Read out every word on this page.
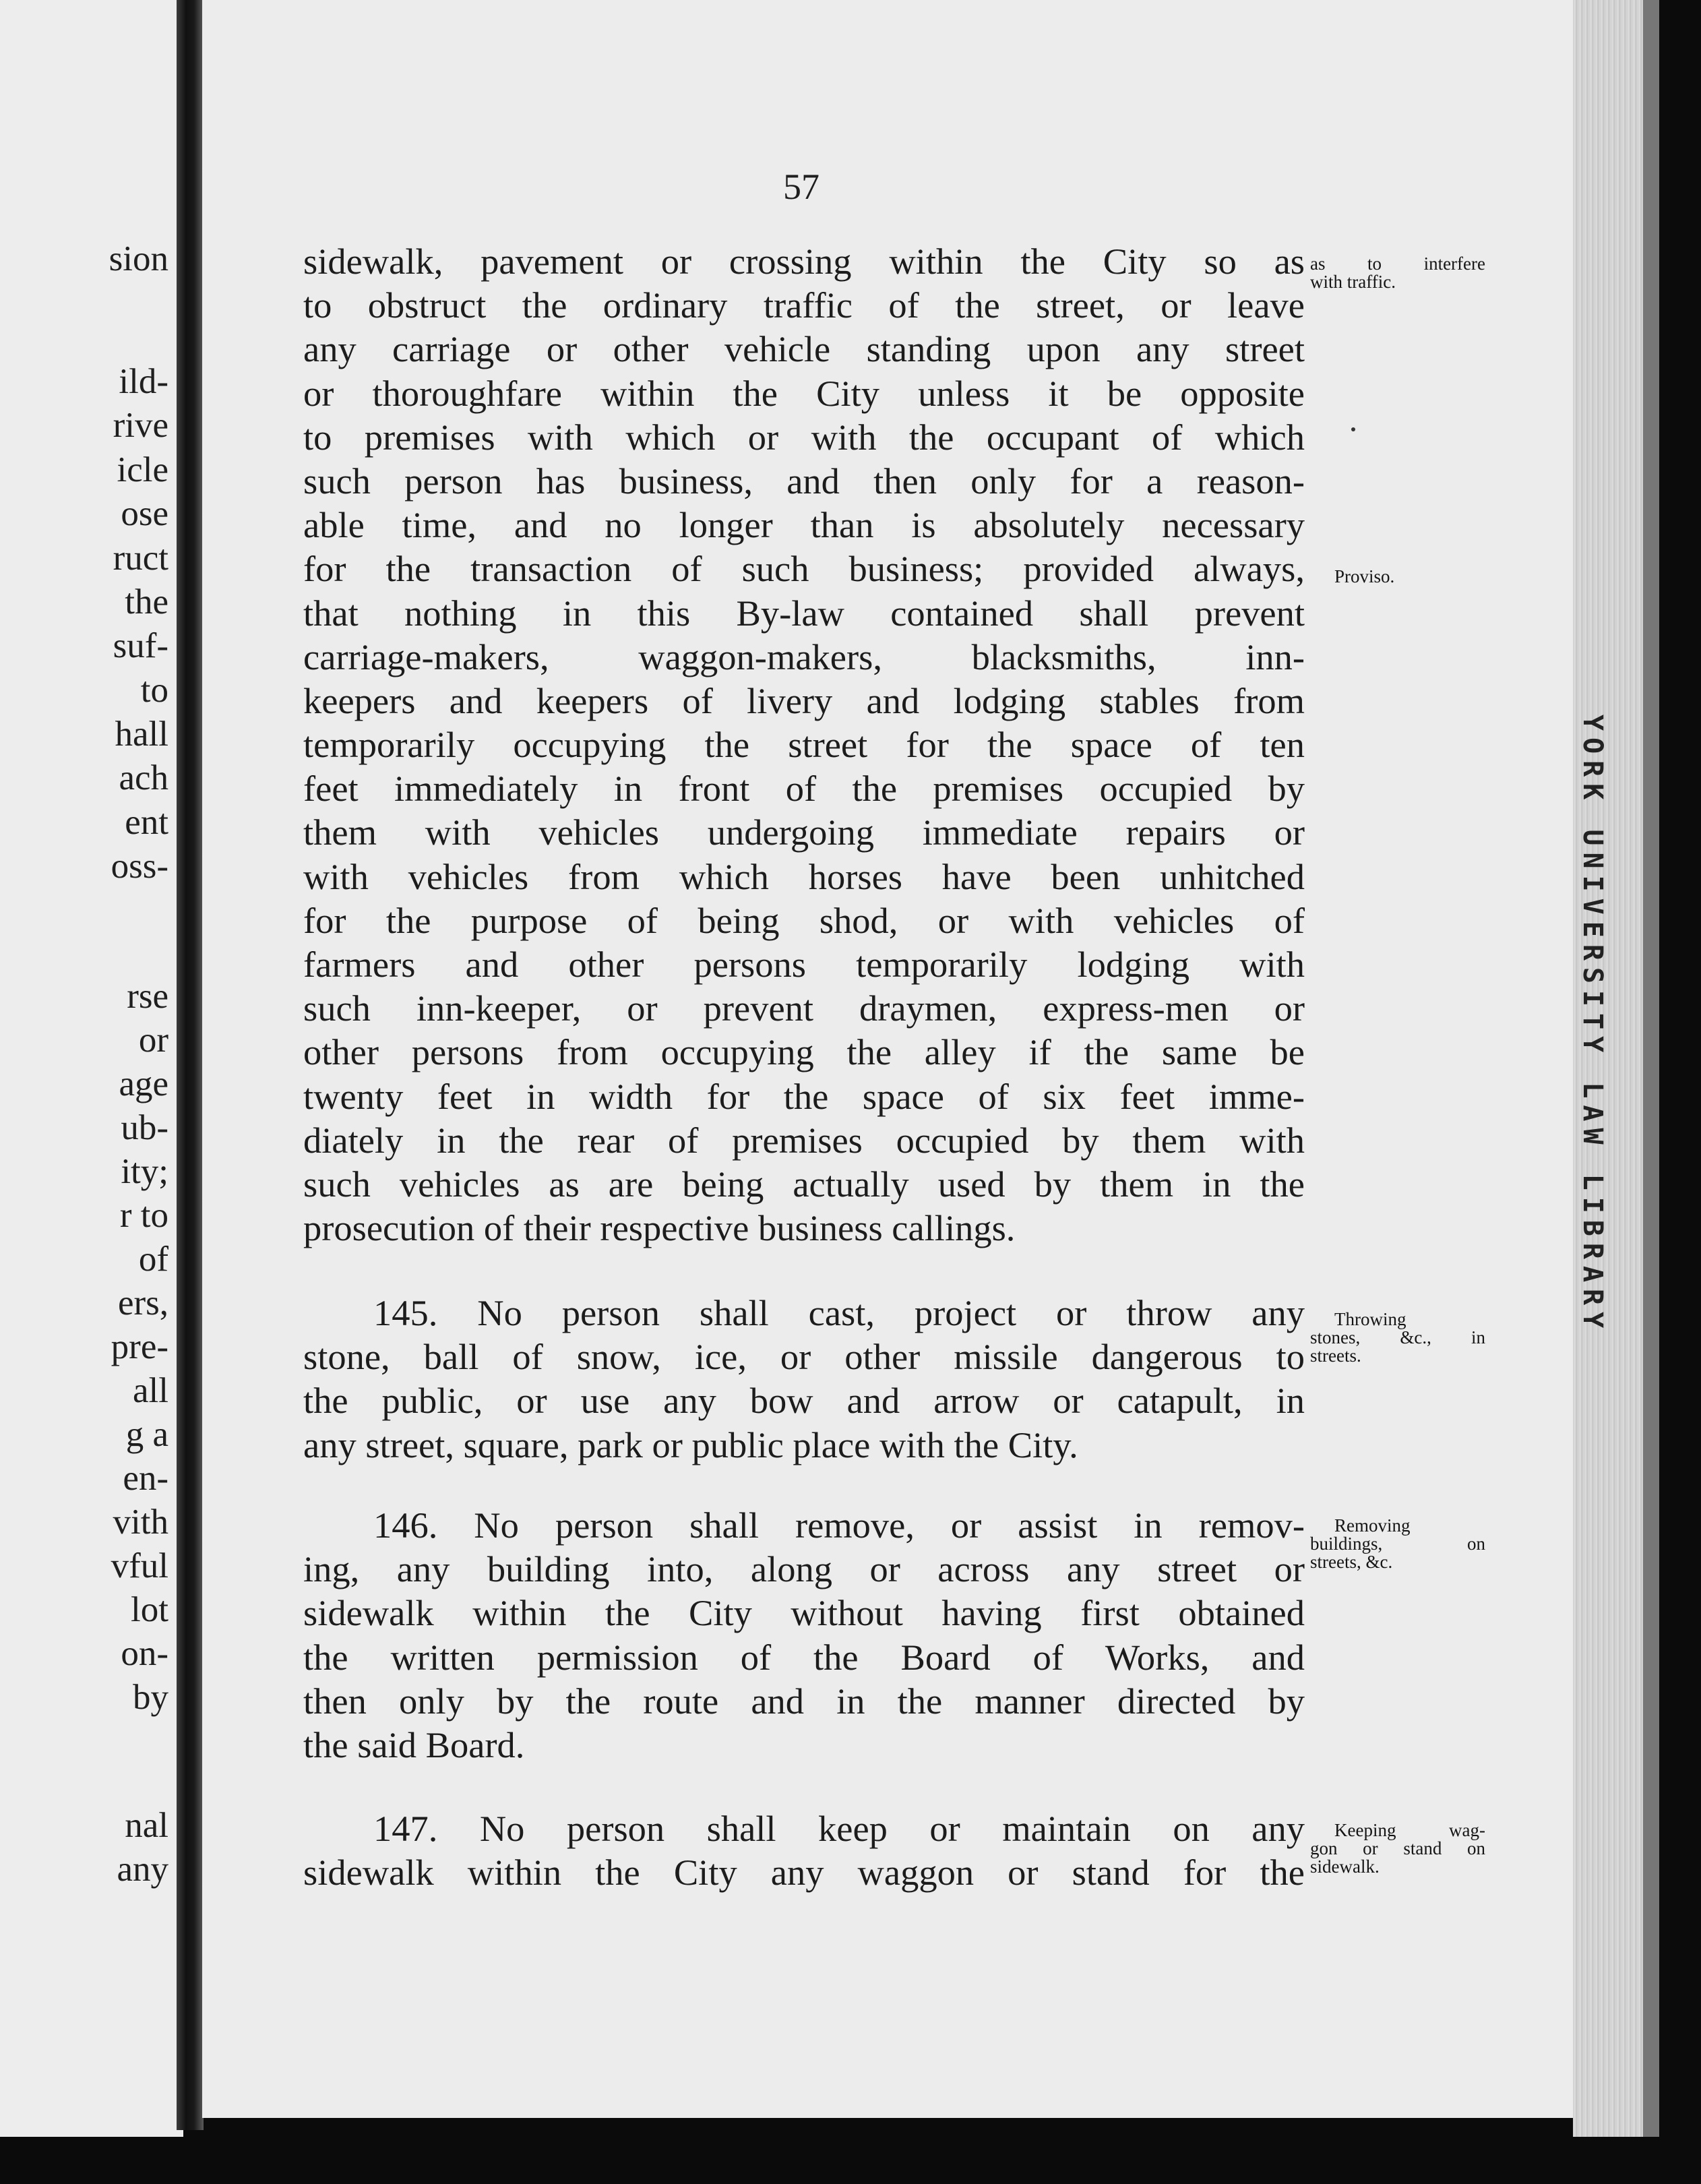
sion
ild-
rive
icle
ose
ruct
the
suf-
to
hall
ach
ent
oss-
rse
or
age
ub-
ity;
r to
of
ers,
pre-
all
g a
en-
vith
vful
lot
on-
by
nal
any
YORK UNIVERSITY LAW LIBRARY
57
sidewalk, pavement or crossing within the City so as
to obstruct the ordinary traffic of the street, or leave
any carriage or other vehicle standing upon any street
or thoroughfare within the City unless it be opposite
to premises with which or with the occupant of which
such person has business, and then only for a reason-
able time, and no longer than is absolutely necessary
for the transaction of such business; provided always,
that nothing in this By-law contained shall prevent
carriage-makers, waggon-makers, blacksmiths, inn-
keepers and keepers of livery and lodging stables from
temporarily occupying the street for the space of ten
feet immediately in front of the premises occupied by
them with vehicles undergoing immediate repairs or
with vehicles from which horses have been unhitched
for the purpose of being shod, or with vehicles of
farmers and other persons temporarily lodging with
such inn-keeper, or prevent draymen, express-men or
other persons from occupying the alley if the same be
twenty feet in width for the space of six feet imme-
diately in the rear of premises occupied by them with
such vehicles as are being actually used by them in the
prosecution of their respective business callings.
145. No person shall cast, project or throw any
stone, ball of snow, ice, or other missile dangerous to
the public, or use any bow and arrow or catapult, in
any street, square, park or public place with the City.
146. No person shall remove, or assist in remov-
ing, any building into, along or across any street or
sidewalk within the City without having first obtained
the written permission of the Board of Works, and
then only by the route and in the manner directed by
the said Board.
147. No person shall keep or maintain on any
sidewalk within the City any waggon or stand for the
as to interfere
with traffic.
Proviso.
Throwing
stones, &c., in
streets.
Removing
buildings, on
streets, &c.
Keeping wag-
gon or stand on
sidewalk.
